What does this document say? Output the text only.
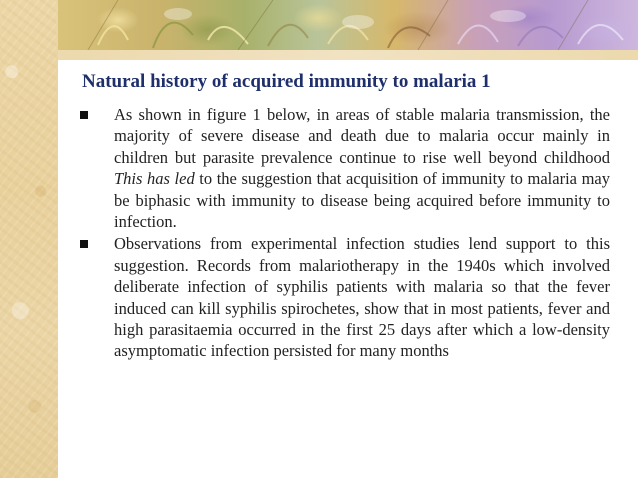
Natural history of acquired immunity to malaria 1
As shown in figure 1 below, in areas of stable malaria transmission, the majority of severe disease and death due to malaria occur mainly in children but parasite prevalence continue to rise well beyond childhood This has led to the suggestion that acquisition of immunity to malaria may be biphasic with immunity to disease being acquired before immunity to infection.
Observations from experimental infection studies lend support to this suggestion. Records from malariotherapy in the 1940s which involved deliberate infection of syphilis patients with malaria so that the fever induced can kill syphilis spirochetes, show that in most patients, fever and high parasitaemia occurred in the first 25 days after which a low-density asymptomatic infection persisted for many months
